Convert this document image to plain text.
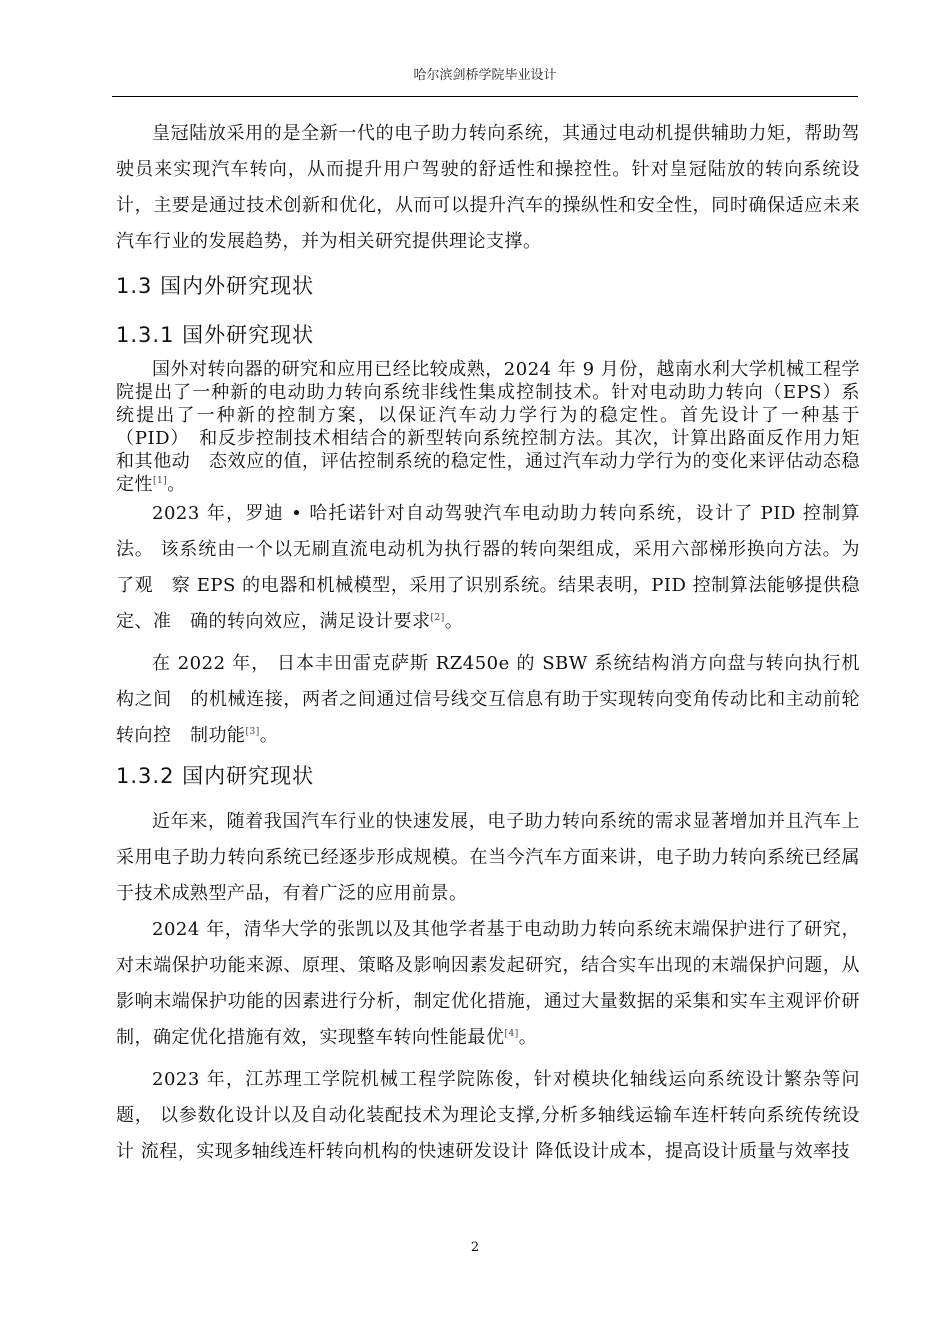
哈尔滨剑桥学院毕业设计

皇冠陆放采用的是全新一代的电子助力转向系统，其通过电动机提供辅助力矩，帮助驾驶员来实现汽车转向，从而提升用户驾驶的舒适性和操控性。针对皇冠陆放的转向系统设计，主要是通过技术创新和优化，从而可以提升汽车的操纵性和安全性，同时确保适应未来汽车行业的发展趋势，并为相关研究提供理论支撑。

1.3 国内外研究现状
1.3.1 国外研究现状

国外对转向器的研究和应用已经比较成熟，2024 年 9 月份，越南水利大学机械工程学　院提出了一种新的电动助力转向系统非线性集成控制技术。针对电动助力转向（EPS）系　统提出了一种新的控制方案，以保证汽车动力学行为的稳定性。首先设计了一种基于（PID）　和反步控制技术相结合的新型转向系统控制方法。其次，计算出路面反作用力矩和其他动　态效应的值，评估控制系统的稳定性，通过汽车动力学行为的变化来评估动态稳定性[1]。

2023 年，罗迪 • 哈托诺针对自动驾驶汽车电动助力转向系统，设计了 PID 控制算法。 该系统由一个以无刷直流电动机为执行器的转向架组成，采用六部梯形换向方法。为了观　察 EPS 的电器和机械模型，采用了识别系统。结果表明，PID 控制算法能够提供稳定、准　确的转向效应，满足设计要求[2]。

在 2022 年， 日本丰田雷克萨斯 RZ450e 的 SBW 系统结构消方向盘与转向执行机构之间　的机械连接，两者之间通过信号线交互信息有助于实现转向变角传动比和主动前轮转向控　制功能[3]。

1.3.2 国内研究现状

近年来，随着我国汽车行业的快速发展，电子助力转向系统的需求显著增加并且汽车上采用电子助力转向系统已经逐步形成规模。在当今汽车方面来讲，电子助力转向系统已经属于技术成熟型产品，有着广泛的应用前景。

2024 年，清华大学的张凯以及其他学者基于电动助力转向系统末端保护进行了研究，对末端保护功能来源、原理、策略及影响因素发起研究，结合实车出现的末端保护问题，从影响末端保护功能的因素进行分析，制定优化措施，通过大量数据的采集和实车主观评价研制，确定优化措施有效，实现整车转向性能最优[4]。

2023 年，江苏理工学院机械工程学院陈俊，针对模块化轴线运向系统设计繁杂等问题， 以参数化设计以及自动化装配技术为理论支撑,分析多轴线运输车连杆转向系统传统设计 流程，实现多轴线连杆转向机构的快速研发设计 降低设计成本，提高设计质量与效率技

2
